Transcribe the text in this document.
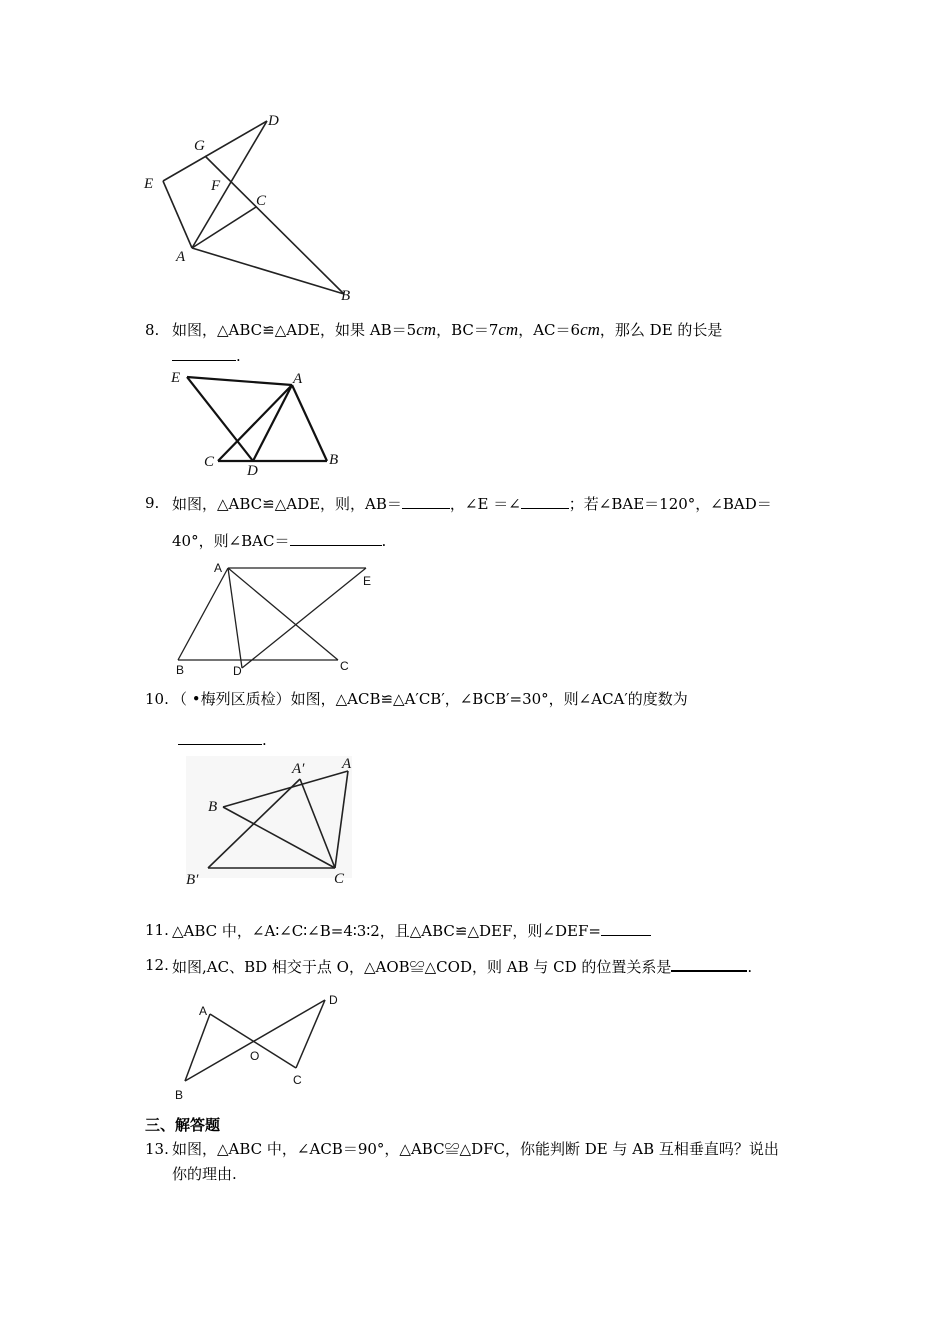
D
G
E	F
C
A
B
8. 如图，△ABC≌△ADE，如果 AB＝5cm，BC＝7cm，AC＝6cm，那么 DE 的长是
.
E	A
C
D
B
9. 如图，△ABC≌△ADE，则，AB＝	，∠E ＝∠	；若∠BAE＝120°，∠BAD＝
40°，则∠BAC＝	.
A
E
B	D	C
10. （ •梅列区质检）如图，△ACB≌△A′CB′，∠BCB′=30°，则∠ACA′的度数为
.
A′	A
B
B′	C
11. △ABC 中，∠A∶∠C∶∠B=4∶3∶2，且△ABC≌△DEF，则∠DEF=
12. 如图,AC、BD 相交于点 O，△AOB≌△COD，则 AB 与 CD 的位置关系是	.
A
D
O
B
C
三、解答题
13. 如图，△ABC 中，∠ACB＝90°，△ABC≌△DFC，你能判断 DE 与 AB 互相垂直吗？说出
你的理由.
